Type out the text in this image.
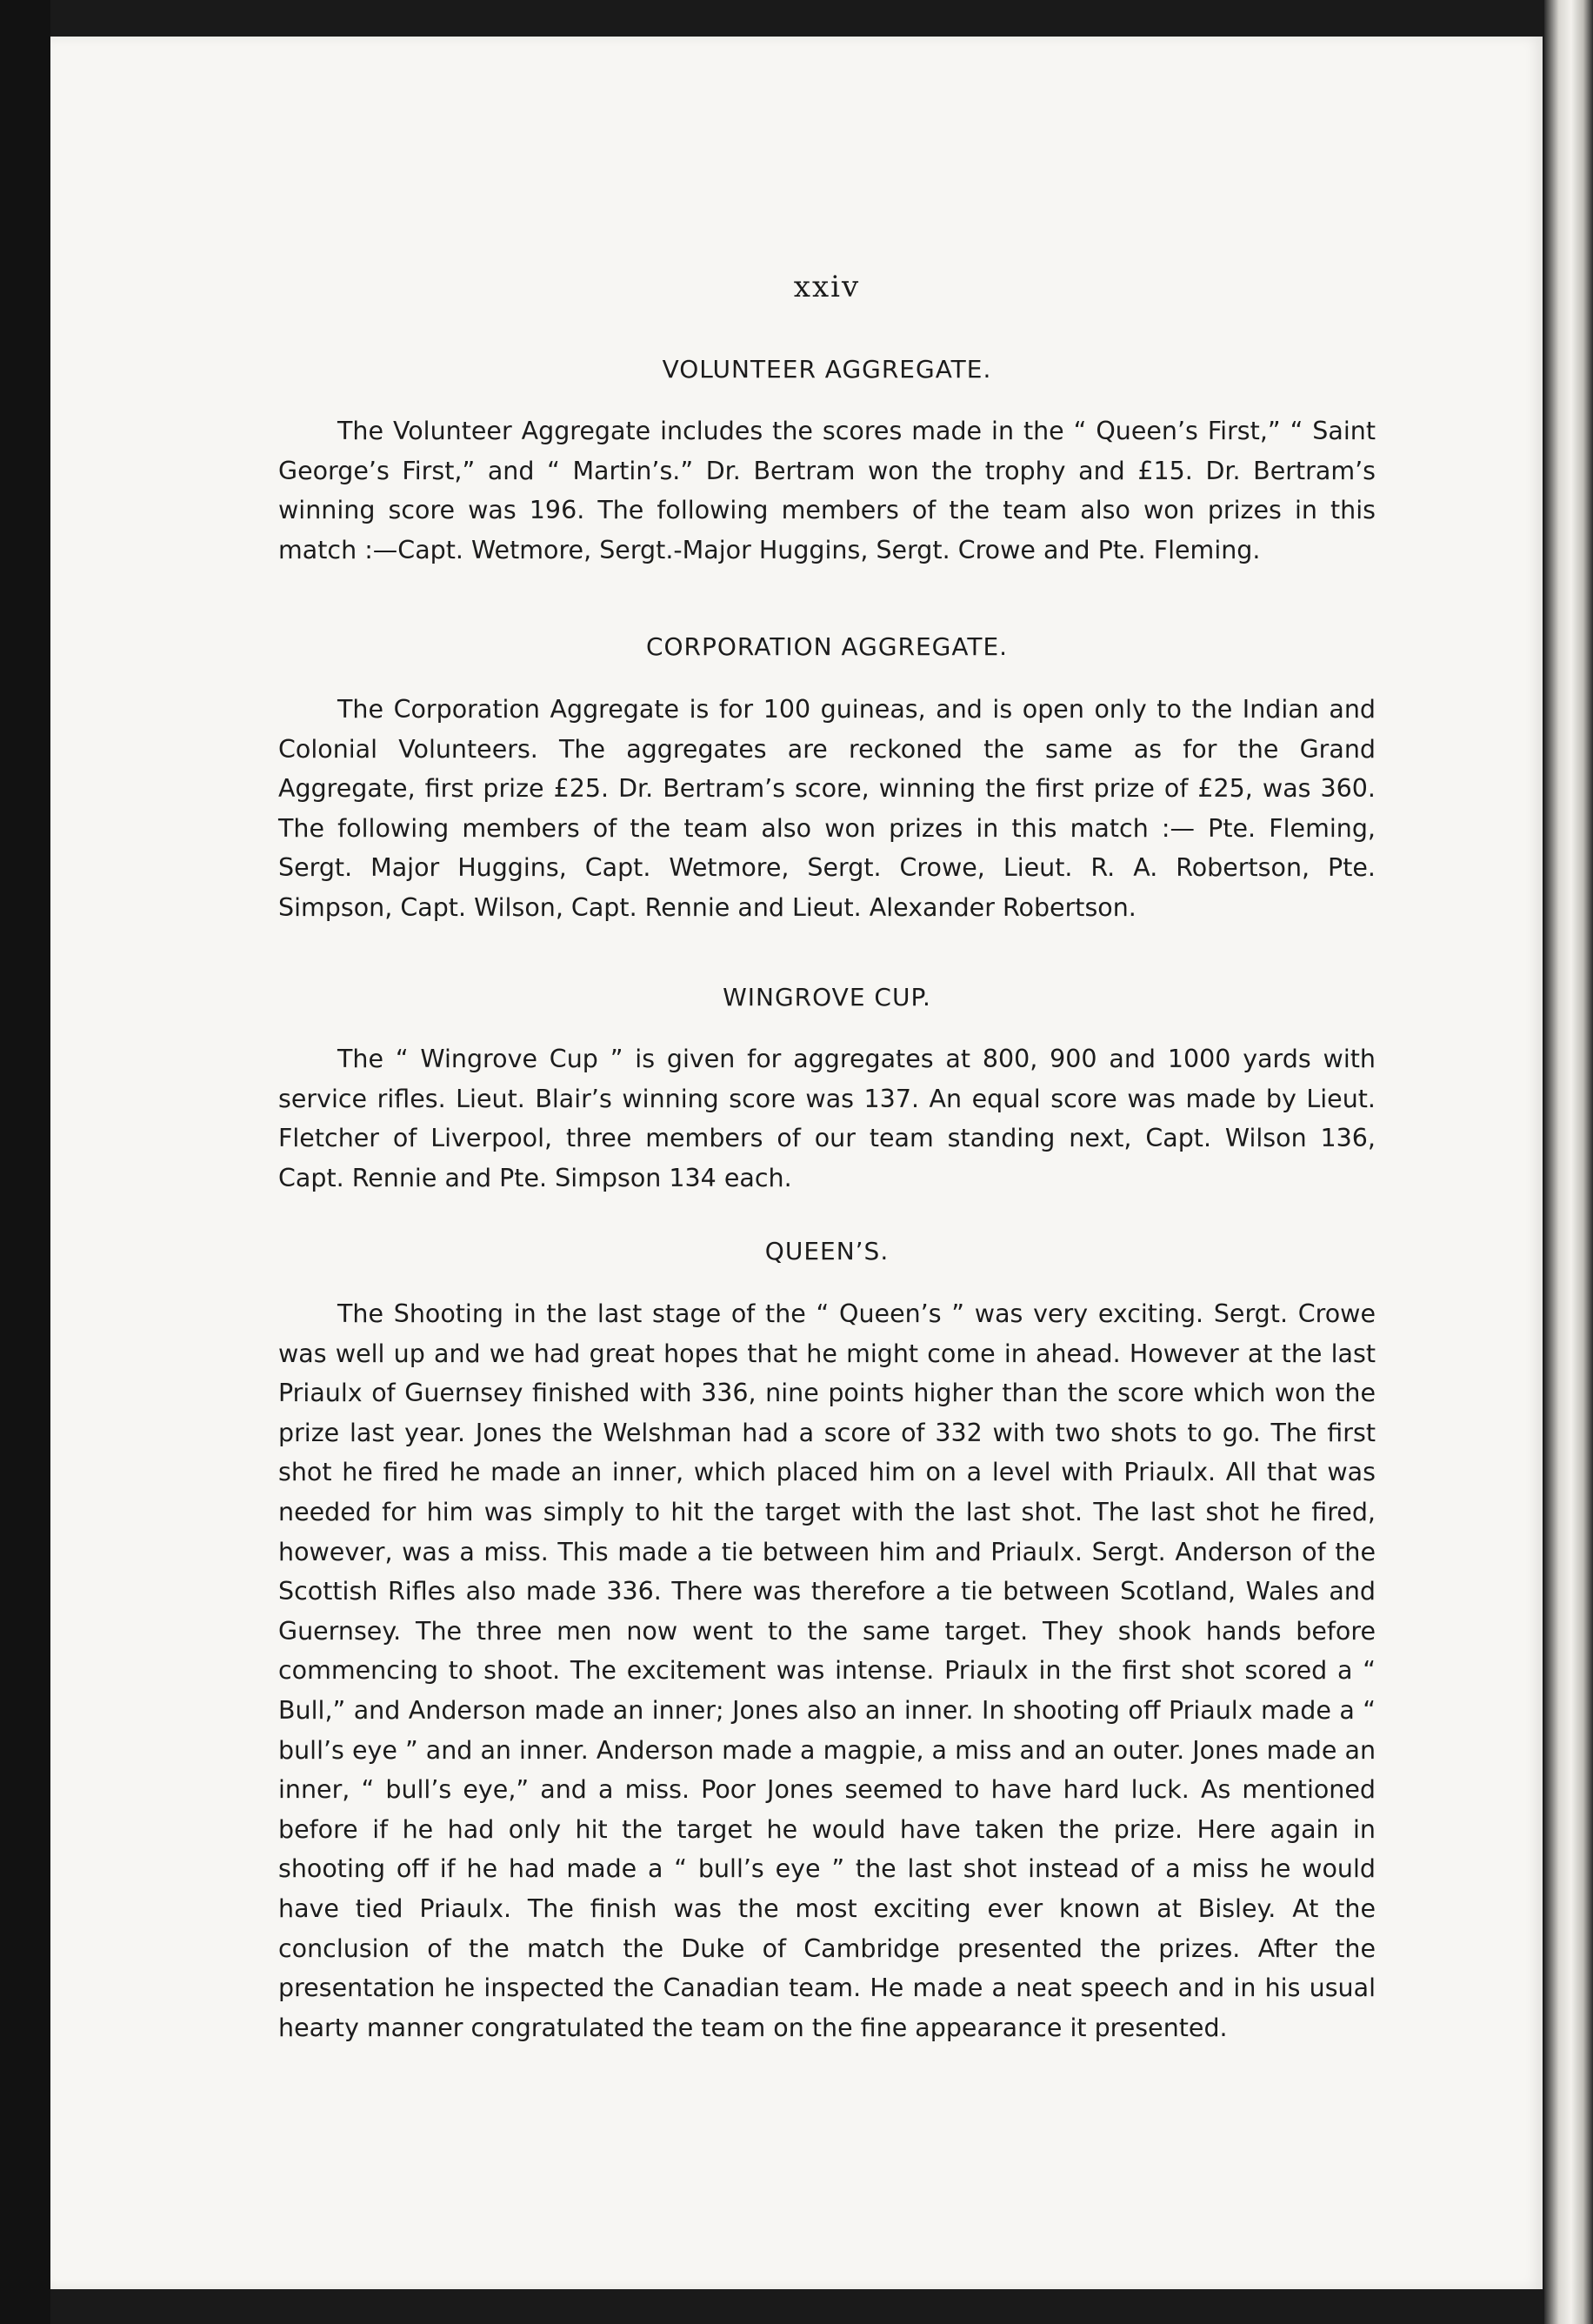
xxiv
VOLUNTEER AGGREGATE.

The Volunteer Aggregate includes the scores made in the “ Queen’s First,” “ Saint George’s First,” and “ Martin’s.” Dr. Bertram won the trophy and £15. Dr. Bertram’s winning score was 196. The following members of the team also won prizes in this match :—Capt. Wetmore, Sergt.-Major Huggins, Sergt. Crowe and Pte. Fleming.

CORPORATION AGGREGATE.

The Corporation Aggregate is for 100 guineas, and is open only to the Indian and Colonial Volunteers. The aggregates are reckoned the same as for the Grand Aggregate, first prize £25. Dr. Bertram’s score, winning the first prize of £25, was 360. The following members of the team also won prizes in this match :— Pte. Fleming, Sergt. Major Huggins, Capt. Wetmore, Sergt. Crowe, Lieut. R. A. Robertson, Pte. Simpson, Capt. Wilson, Capt. Rennie and Lieut. Alexander Robertson.

WINGROVE CUP.

The “ Wingrove Cup ” is given for aggregates at 800, 900 and 1000 yards with service rifles. Lieut. Blair’s winning score was 137. An equal score was made by Lieut. Fletcher of Liverpool, three members of our team standing next, Capt. Wilson 136, Capt. Rennie and Pte. Simpson 134 each.

QUEEN’S.

The Shooting in the last stage of the “ Queen’s ” was very exciting. Sergt. Crowe was well up and we had great hopes that he might come in ahead. However at the last Priaulx of Guernsey finished with 336, nine points higher than the score which won the prize last year. Jones the Welshman had a score of 332 with two shots to go. The first shot he fired he made an inner, which placed him on a level with Priaulx. All that was needed for him was simply to hit the target with the last shot. The last shot he fired, however, was a miss. This made a tie between him and Priaulx. Sergt. Anderson of the Scottish Rifles also made 336. There was therefore a tie between Scotland, Wales and Guernsey. The three men now went to the same target. They shook hands before commencing to shoot. The excitement was intense. Priaulx in the first shot scored a “ Bull,” and Anderson made an inner; Jones also an inner. In shooting off Priaulx made a “ bull’s eye ” and an inner. Anderson made a magpie, a miss and an outer. Jones made an inner, “ bull’s eye,” and a miss. Poor Jones seemed to have hard luck. As mentioned before if he had only hit the target he would have taken the prize. Here again in shooting off if he had made a “ bull’s eye ” the last shot instead of a miss he would have tied Priaulx. The finish was the most exciting ever known at Bisley. At the conclusion of the match the Duke of Cambridge presented the prizes. After the presentation he inspected the Canadian team. He made a neat speech and in his usual hearty manner congratulated the team on the fine appearance it presented.
